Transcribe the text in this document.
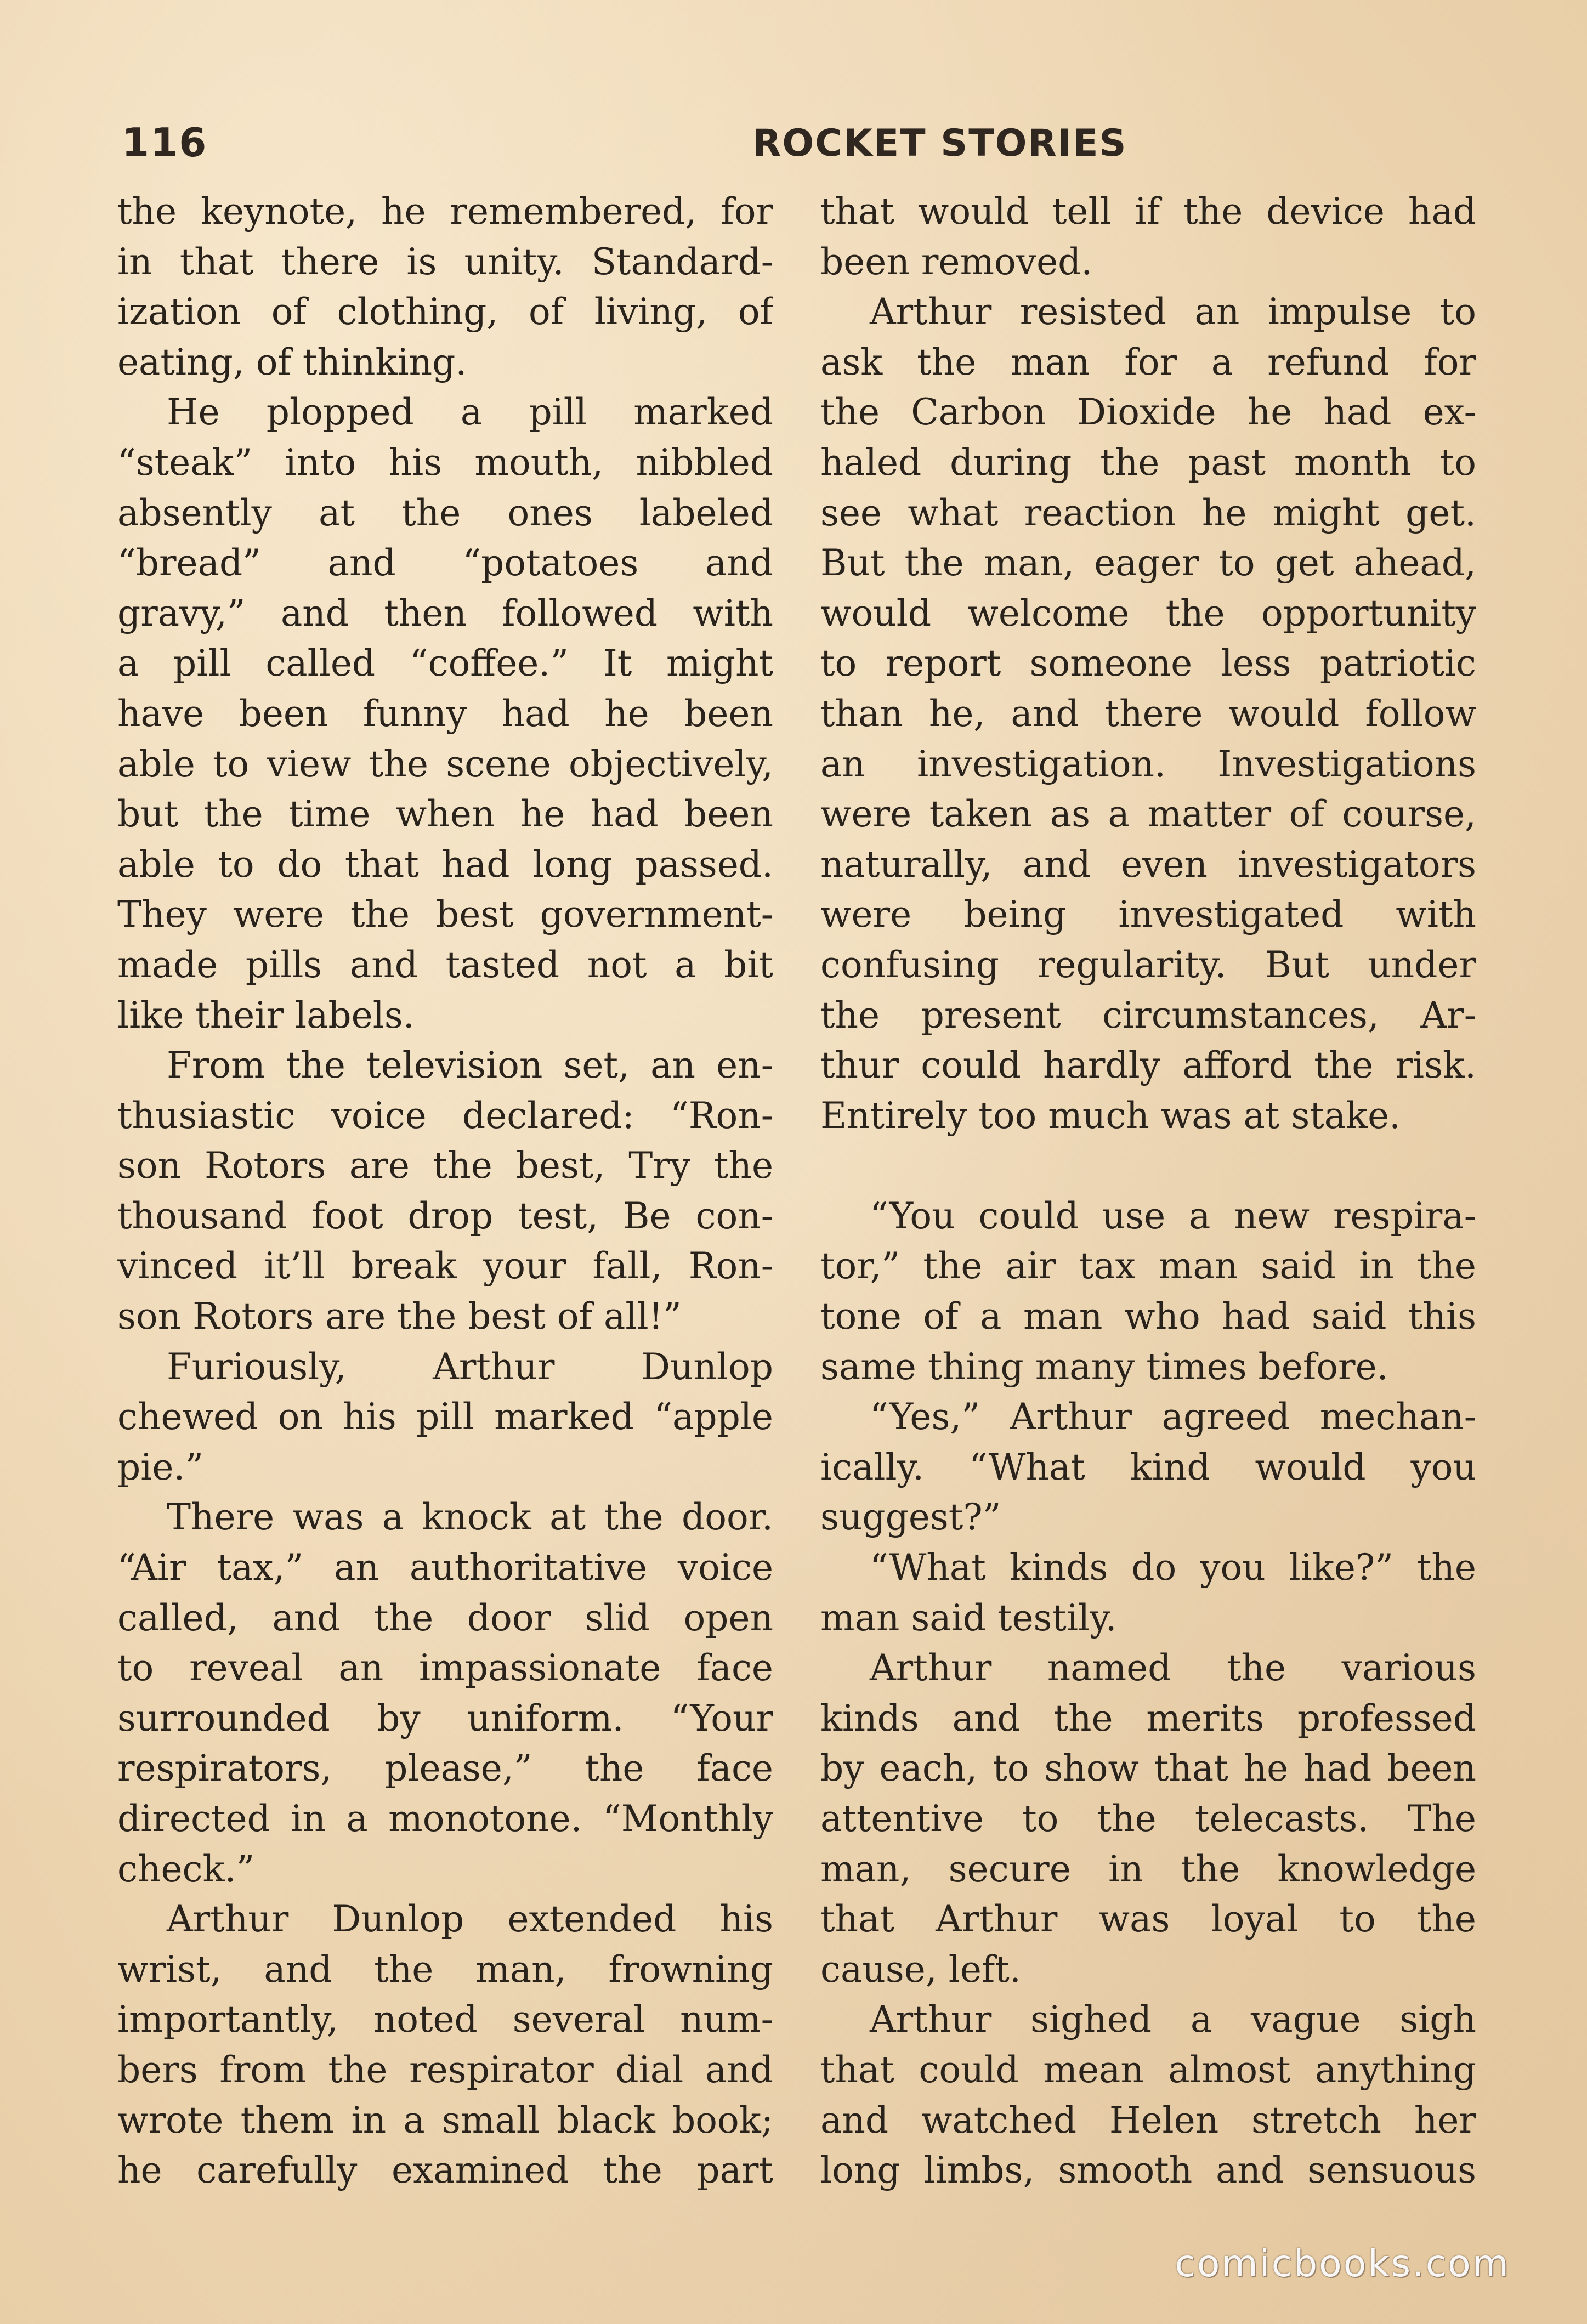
116	ROCKET STORIES
the keynote, he remembered, for
in that there is unity. Standard-
ization of clothing, of living, of
eating, of thinking.
He plopped a pill marked
“steak” into his mouth, nibbled
absently at the ones labeled
“bread” and “potatoes and
gravy,” and then followed with
a pill called “coffee.” It might
have been funny had he been
able to view the scene objectively,
but the time when he had been
able to do that had long passed.
They were the best government-
made pills and tasted not a bit
like their labels.
From the television set, an en-
thusiastic voice declared: “Ron-
son Rotors are the best, Try the
thousand foot drop test, Be con-
vinced it’ll break your fall, Ron-
son Rotors are the best of all!”
Furiously, Arthur Dunlop
chewed on his pill marked “apple
pie.”
There was a knock at the door.
“Air tax,” an authoritative voice
called, and the door slid open
to reveal an impassionate face
surrounded by uniform. “Your
respirators, please,” the face
directed in a monotone. “Monthly
check.”
Arthur Dunlop extended his
wrist, and the man, frowning
importantly, noted several num-
bers from the respirator dial and
wrote them in a small black book;
he carefully examined the part
that would tell if the device had
been removed.
Arthur resisted an impulse to
ask the man for a refund for
the Carbon Dioxide he had ex-
haled during the past month to
see what reaction he might get.
But the man, eager to get ahead,
would welcome the opportunity
to report someone less patriotic
than he, and there would follow
an investigation. Investigations
were taken as a matter of course,
naturally, and even investigators
were being investigated with
confusing regularity. But under
the present circumstances, Ar-
thur could hardly afford the risk.
Entirely too much was at stake.
“You could use a new respira-
tor,” the air tax man said in the
tone of a man who had said this
same thing many times before.
“Yes,” Arthur agreed mechan-
ically. “What kind would you
suggest?”
“What kinds do you like?” the
man said testily.
Arthur named the various
kinds and the merits professed
by each, to show that he had been
attentive to the telecasts. The
man, secure in the knowledge
that Arthur was loyal to the
cause, left.
Arthur sighed a vague sigh
that could mean almost anything
and watched Helen stretch her
long limbs, smooth and sensuous
comicbooks.com
